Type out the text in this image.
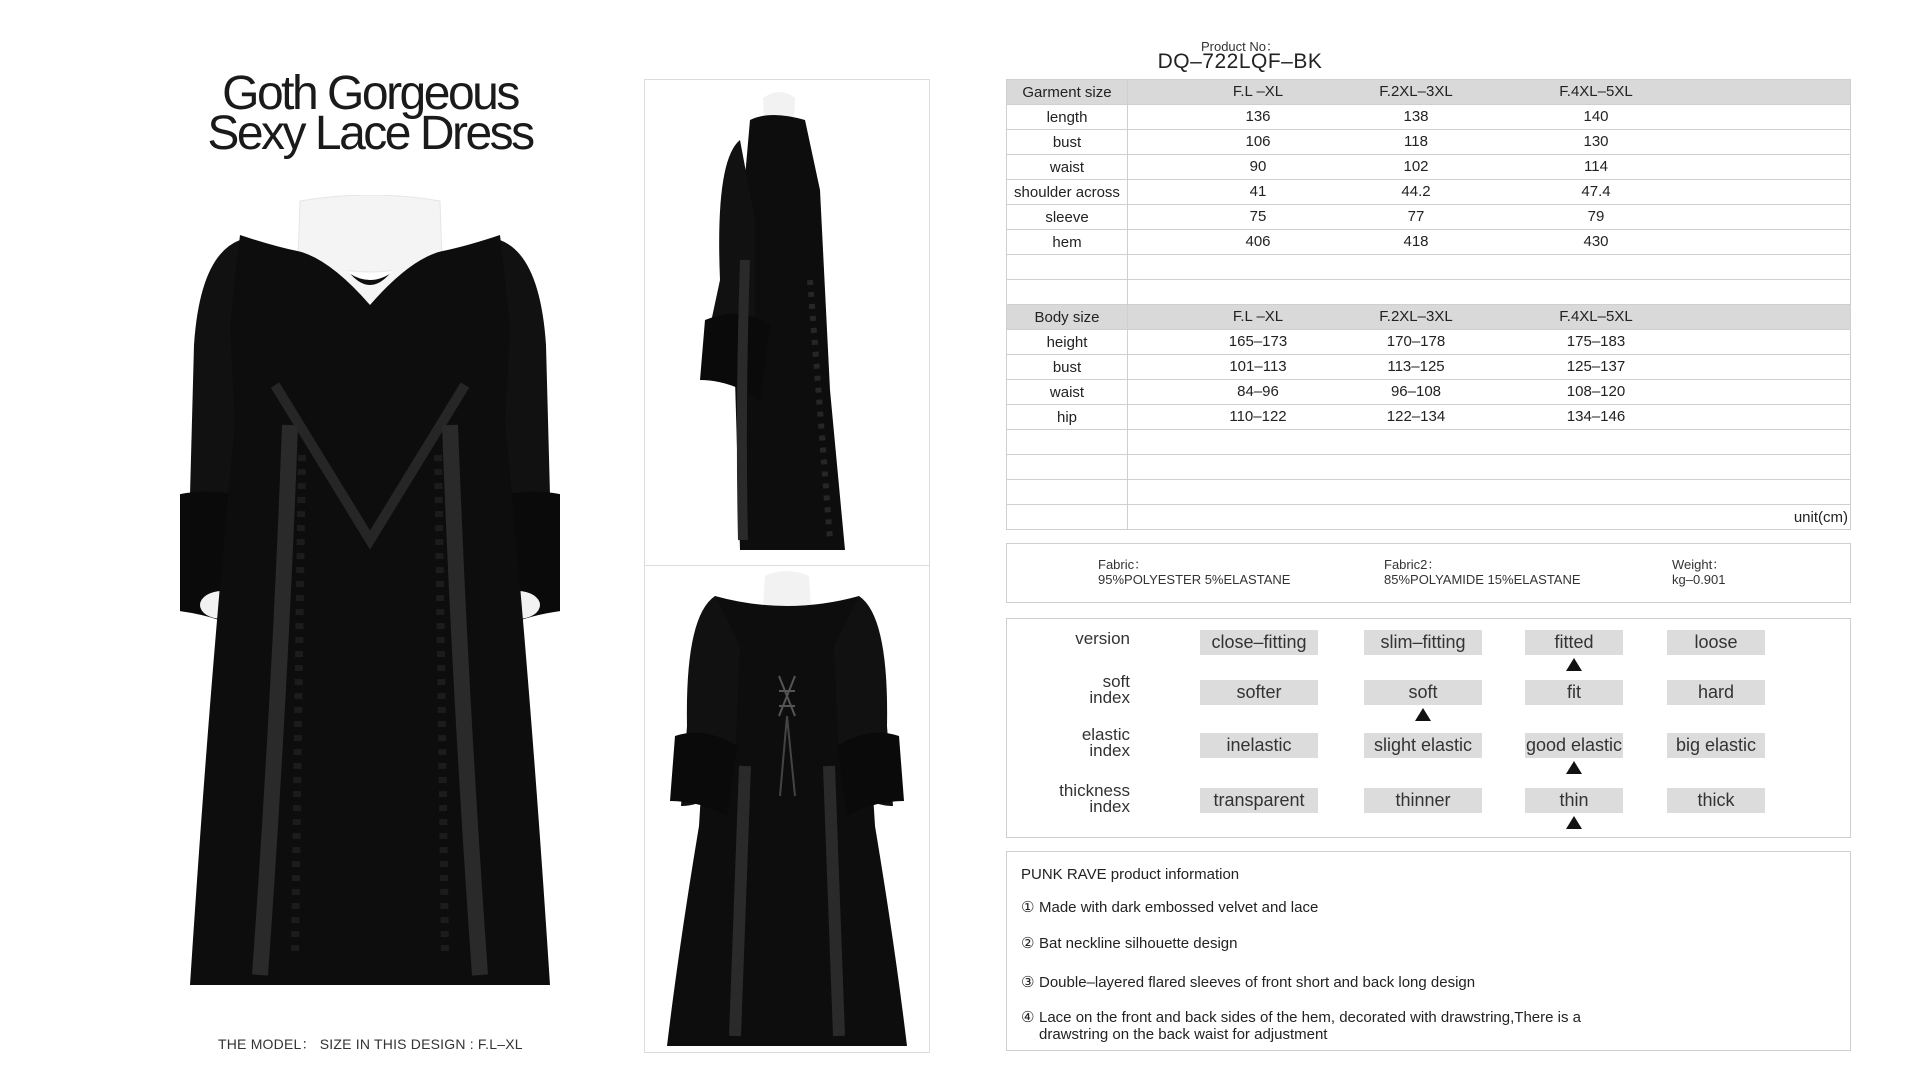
Goth Gorgeous
Sexy Lace Dress
THE MODEL： SIZE IN THIS DESIGN : F.L–XL
Product No：
DQ–722LQF–BK
Garment size	F.L –XL F.2XL–3XL F.4XL–5XL

length	136 138 140

bust	106 118 130

waist	90 102 114

shoulder across	41 44.2 47.4

sleeve	75 77 79

hem	406 418 430

Body size	F.L –XL F.2XL–3XL F.4XL–5XL

height	165–173 170–178 175–183

bust	101–113 113–125 125–137

waist	84–96 96–108 108–120

hip	110–122 122–134 134–146

	unit(cm)
Fabric：
95%POLYESTER 5%ELASTANE
Fabric2：
85%POLYAMIDE 15%ELASTANE
Weight：
kg–0.901
version	close–fitting	slim–fitting	fitted	loose
soft
index	softer	soft	fit	hard
elastic
index	inelastic	slight elastic	good elastic	big elastic
thickness
index	transparent	thinner	thin	thick
PUNK RAVE product information
① Made with dark embossed velvet and lace
② Bat neckline silhouette design
③ Double–layered flared sleeves of front short and back long design
④ Lace on the front and back sides of the hem, decorated with drawstring,There is a drawstring on the back waist for adjustment
